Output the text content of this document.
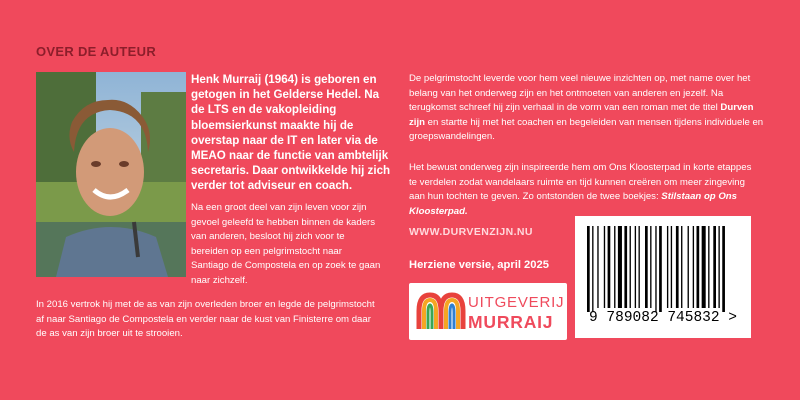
OVER DE AUTEUR
Henk Murraij (1964) is geboren en getogen in het Gelderse Hedel. Na de LTS en de vakopleiding bloemsierkunst maakte hij de overstap naar de IT en later via de MEAO naar de functie van ambtelijk secretaris. Daar ontwikkelde hij zich verder tot adviseur en coach.
Na een groot deel van zijn leven voor zijn gevoel geleefd te hebben binnen de kaders van anderen, besloot hij zich voor te bereiden op een pelgrimstocht naar Santiago de Compostela en op zoek te gaan naar zichzelf.
In 2016 vertrok hij met de as van zijn overleden broer en legde de pelgrimstocht af naar Santiago de Compostela en verder naar de kust van Finisterre om daar de as van zijn broer uit te strooien.
De pelgrimstocht leverde voor hem veel nieuwe inzichten op, met name over het belang van het onderweg zijn en het ontmoeten van anderen en jezelf. Na terugkomst schreef hij zijn verhaal in de vorm van een roman met de titel Durven zijn en startte hij met het coachen en begeleiden van mensen tijdens individuele en groepswandelingen.
Het bewust onderweg zijn inspireerde hem om Ons Kloosterpad in korte etappes te verdelen zodat wandelaars ruimte en tijd kunnen creëren om meer zingeving aan hun tochten te geven. Zo ontstonden de twee boekjes: Stilstaan op Ons Kloosterpad.
WWW.DURVENZIJN.NU
Herziene versie, april 2025
UITGEVERIJ
MURRAIJ	9 789082 745832 >
